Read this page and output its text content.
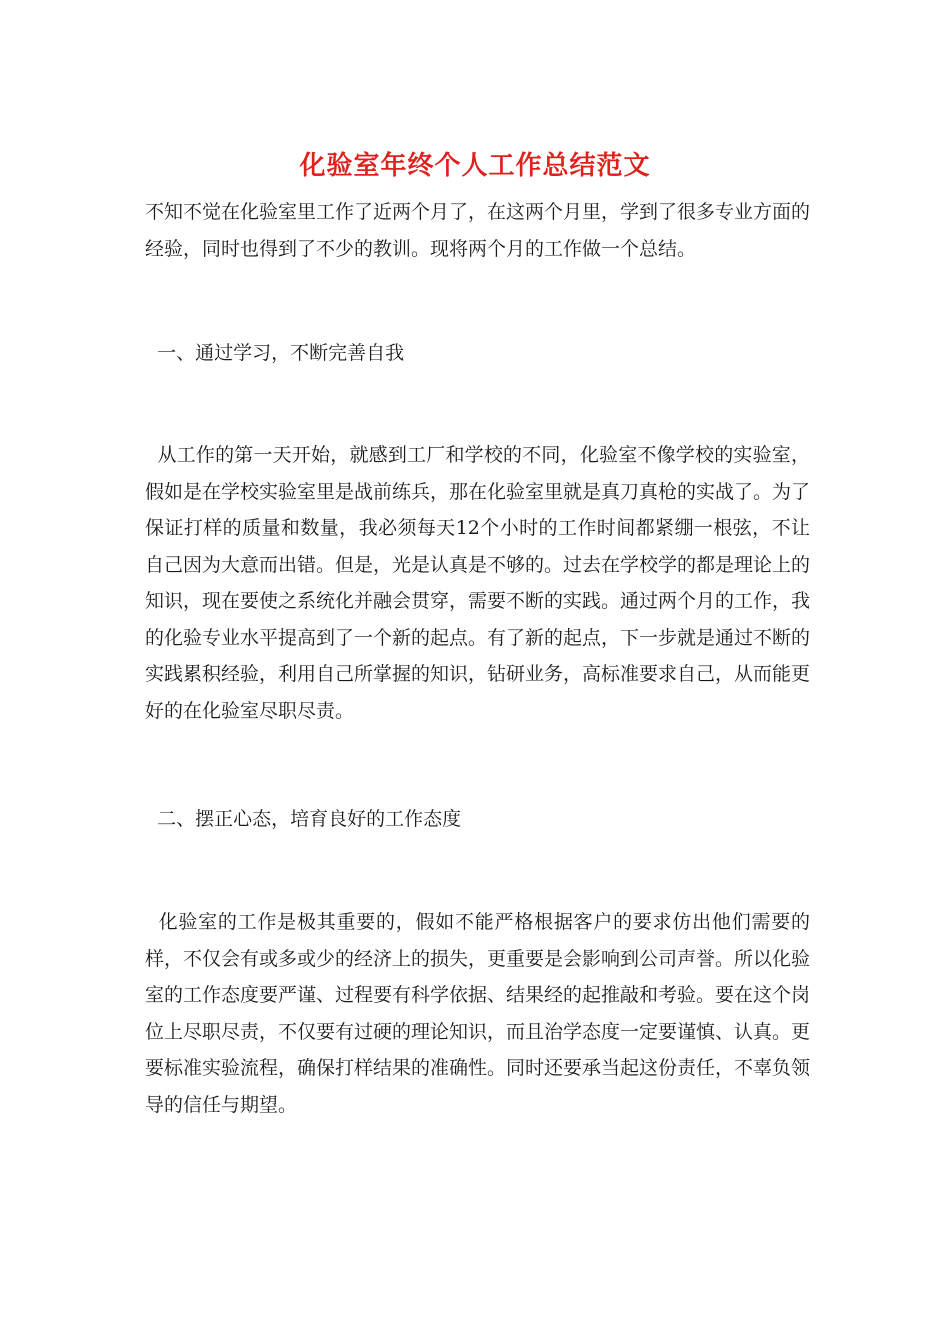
化验室年终个人工作总结范文

不知不觉在化验室里工作了近两个月了，在这两个月里，学到了很多专业方面的经验，同时也得到了不少的教训。现将两个月的工作做一个总结。

一、通过学习，不断完善自我

从工作的第一天开始，就感到工厂和学校的不同，化验室不像学校的实验室，假如是在学校实验室里是战前练兵，那在化验室里就是真刀真枪的实战了。为了保证打样的质量和数量，我必须每天12个小时的工作时间都紧绷一根弦，不让自己因为大意而出错。但是，光是认真是不够的。过去在学校学的都是理论上的知识，现在要使之系统化并融会贯穿，需要不断的实践。通过两个月的工作，我的化验专业水平提高到了一个新的起点。有了新的起点，下一步就是通过不断的实践累积经验，利用自己所掌握的知识，钻研业务，高标准要求自己，从而能更好的在化验室尽职尽责。

二、摆正心态，培育良好的工作态度

化验室的工作是极其重要的，假如不能严格根据客户的要求仿出他们需要的样，不仅会有或多或少的经济上的损失，更重要是会影响到公司声誉。所以化验室的工作态度要严谨、过程要有科学依据、结果经的起推敲和考验。要在这个岗位上尽职尽责，不仅要有过硬的理论知识，而且治学态度一定要谨慎、认真。更要标准实验流程，确保打样结果的准确性。同时还要承当起这份责任，不辜负领导的信任与期望。
